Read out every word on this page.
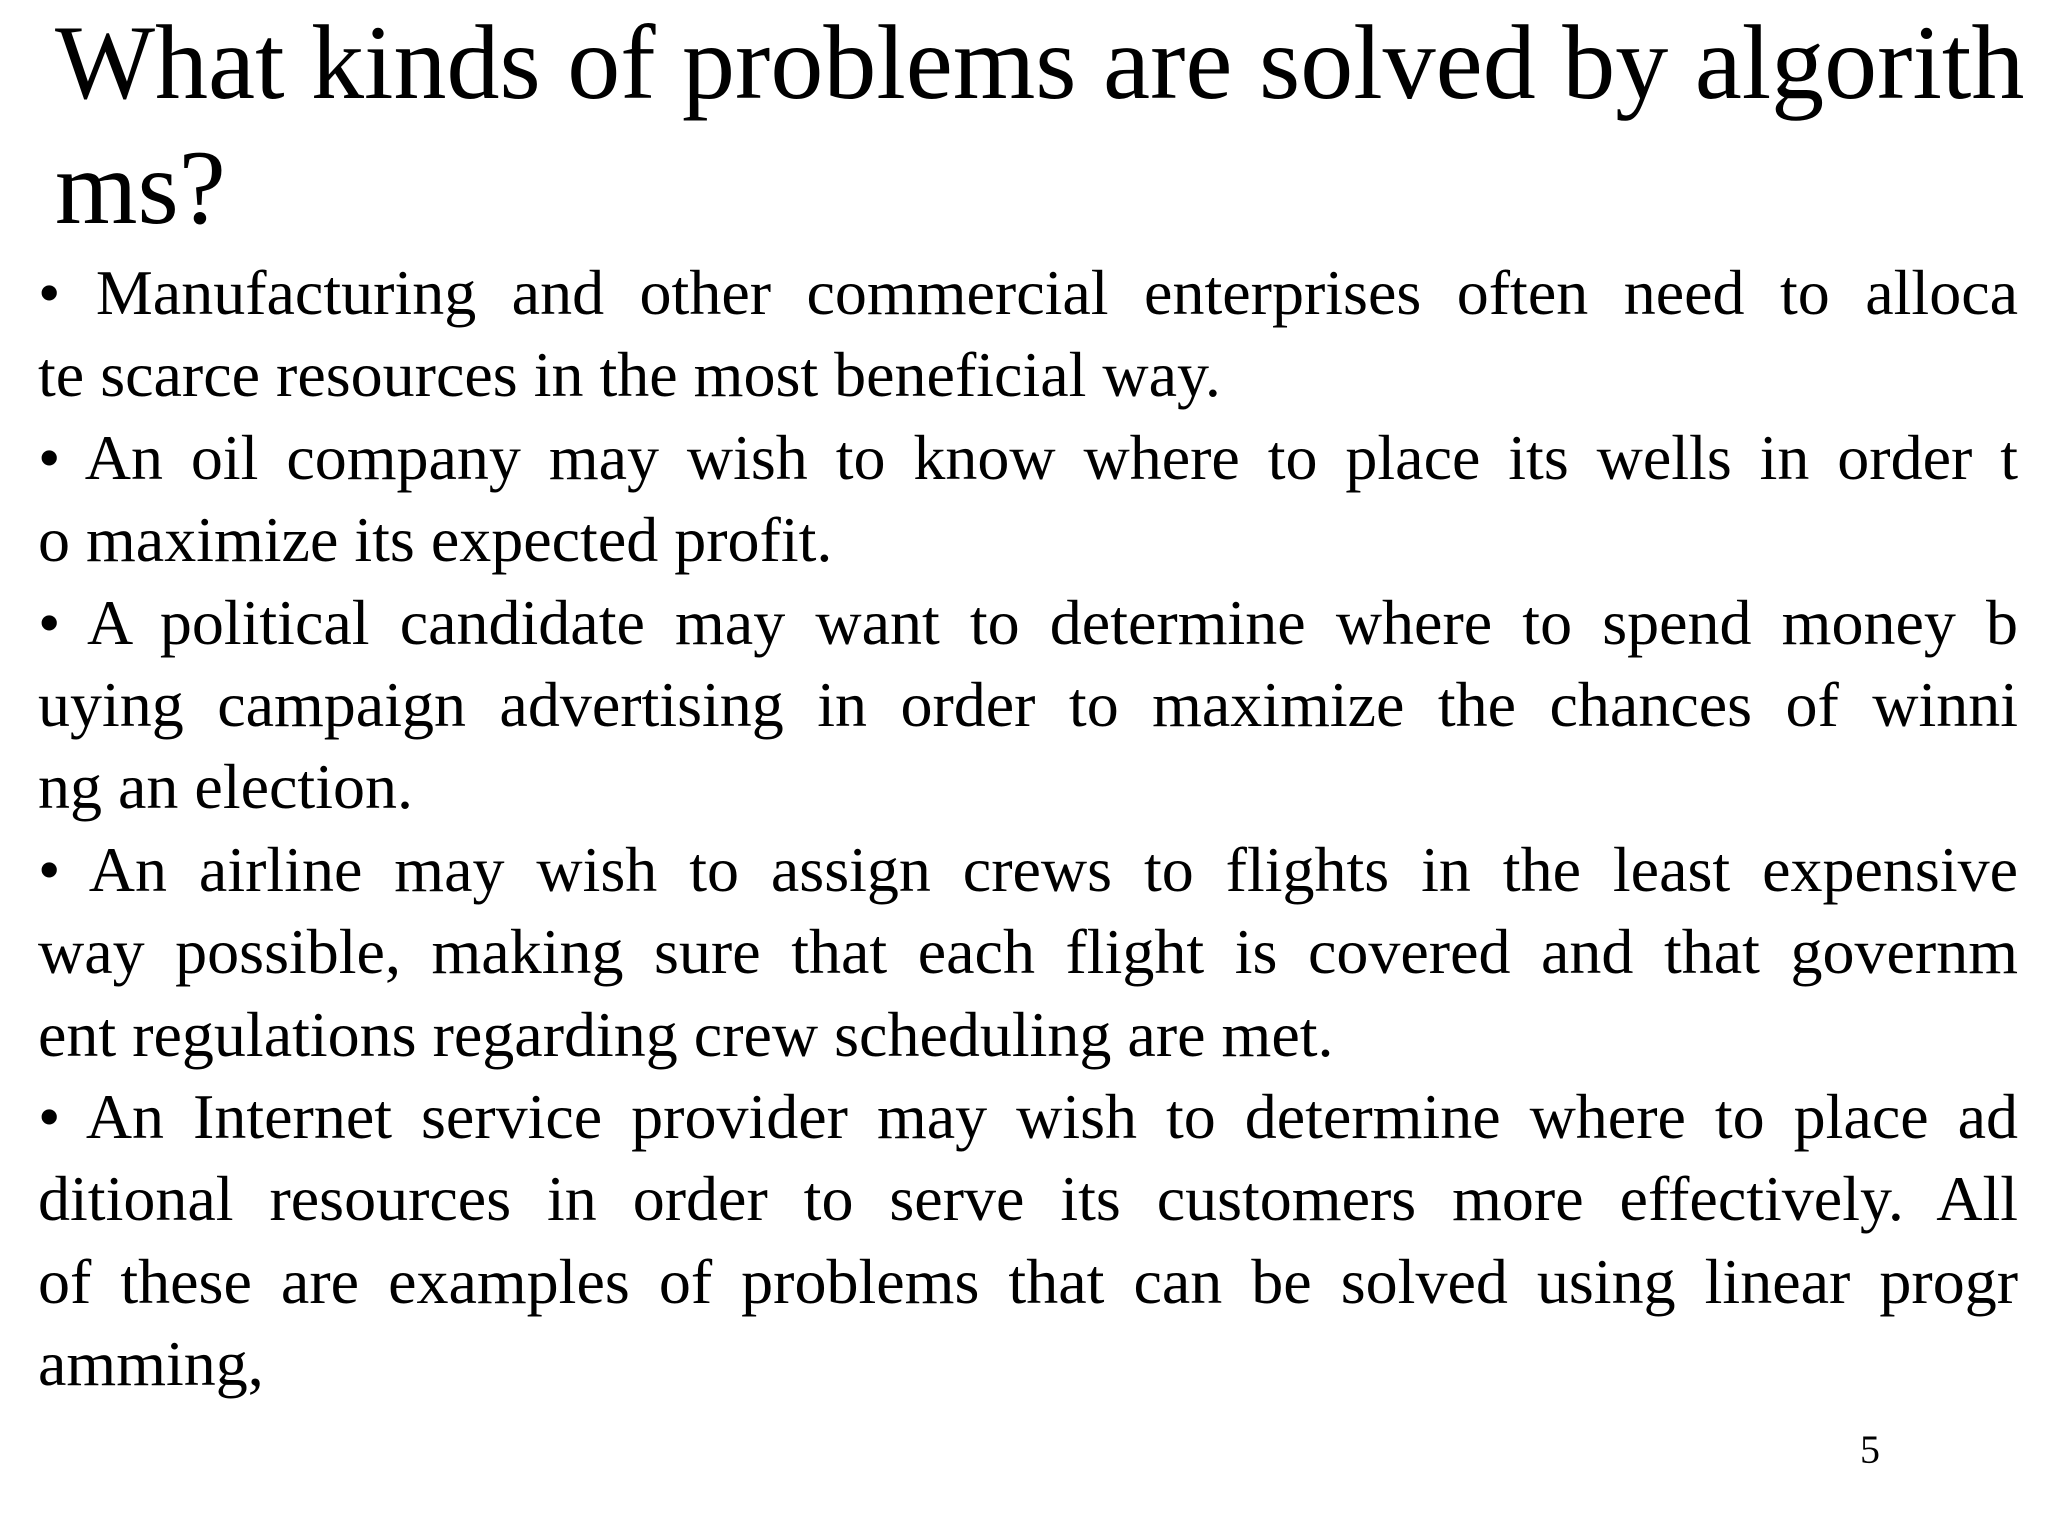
What kinds of problems are solved by algorith
ms?
• Manufacturing and other commercial enterprises often need to alloca
te scarce resources in the most beneficial way.
• An oil company may wish to know where to place its wells in order t
o maximize its expected profit.
• A political candidate may want to determine where to spend money b
uying campaign advertising in order to maximize the chances of winni
ng an election.
• An airline may wish to assign crews to flights in the least expensive
way possible, making sure that each flight is covered and that governm
ent regulations regarding crew scheduling are met.
• An Internet service provider may wish to determine where to place ad
ditional resources in order to serve its customers more effectively. All
of these are examples of problems that can be solved using linear progr
amming,
5
